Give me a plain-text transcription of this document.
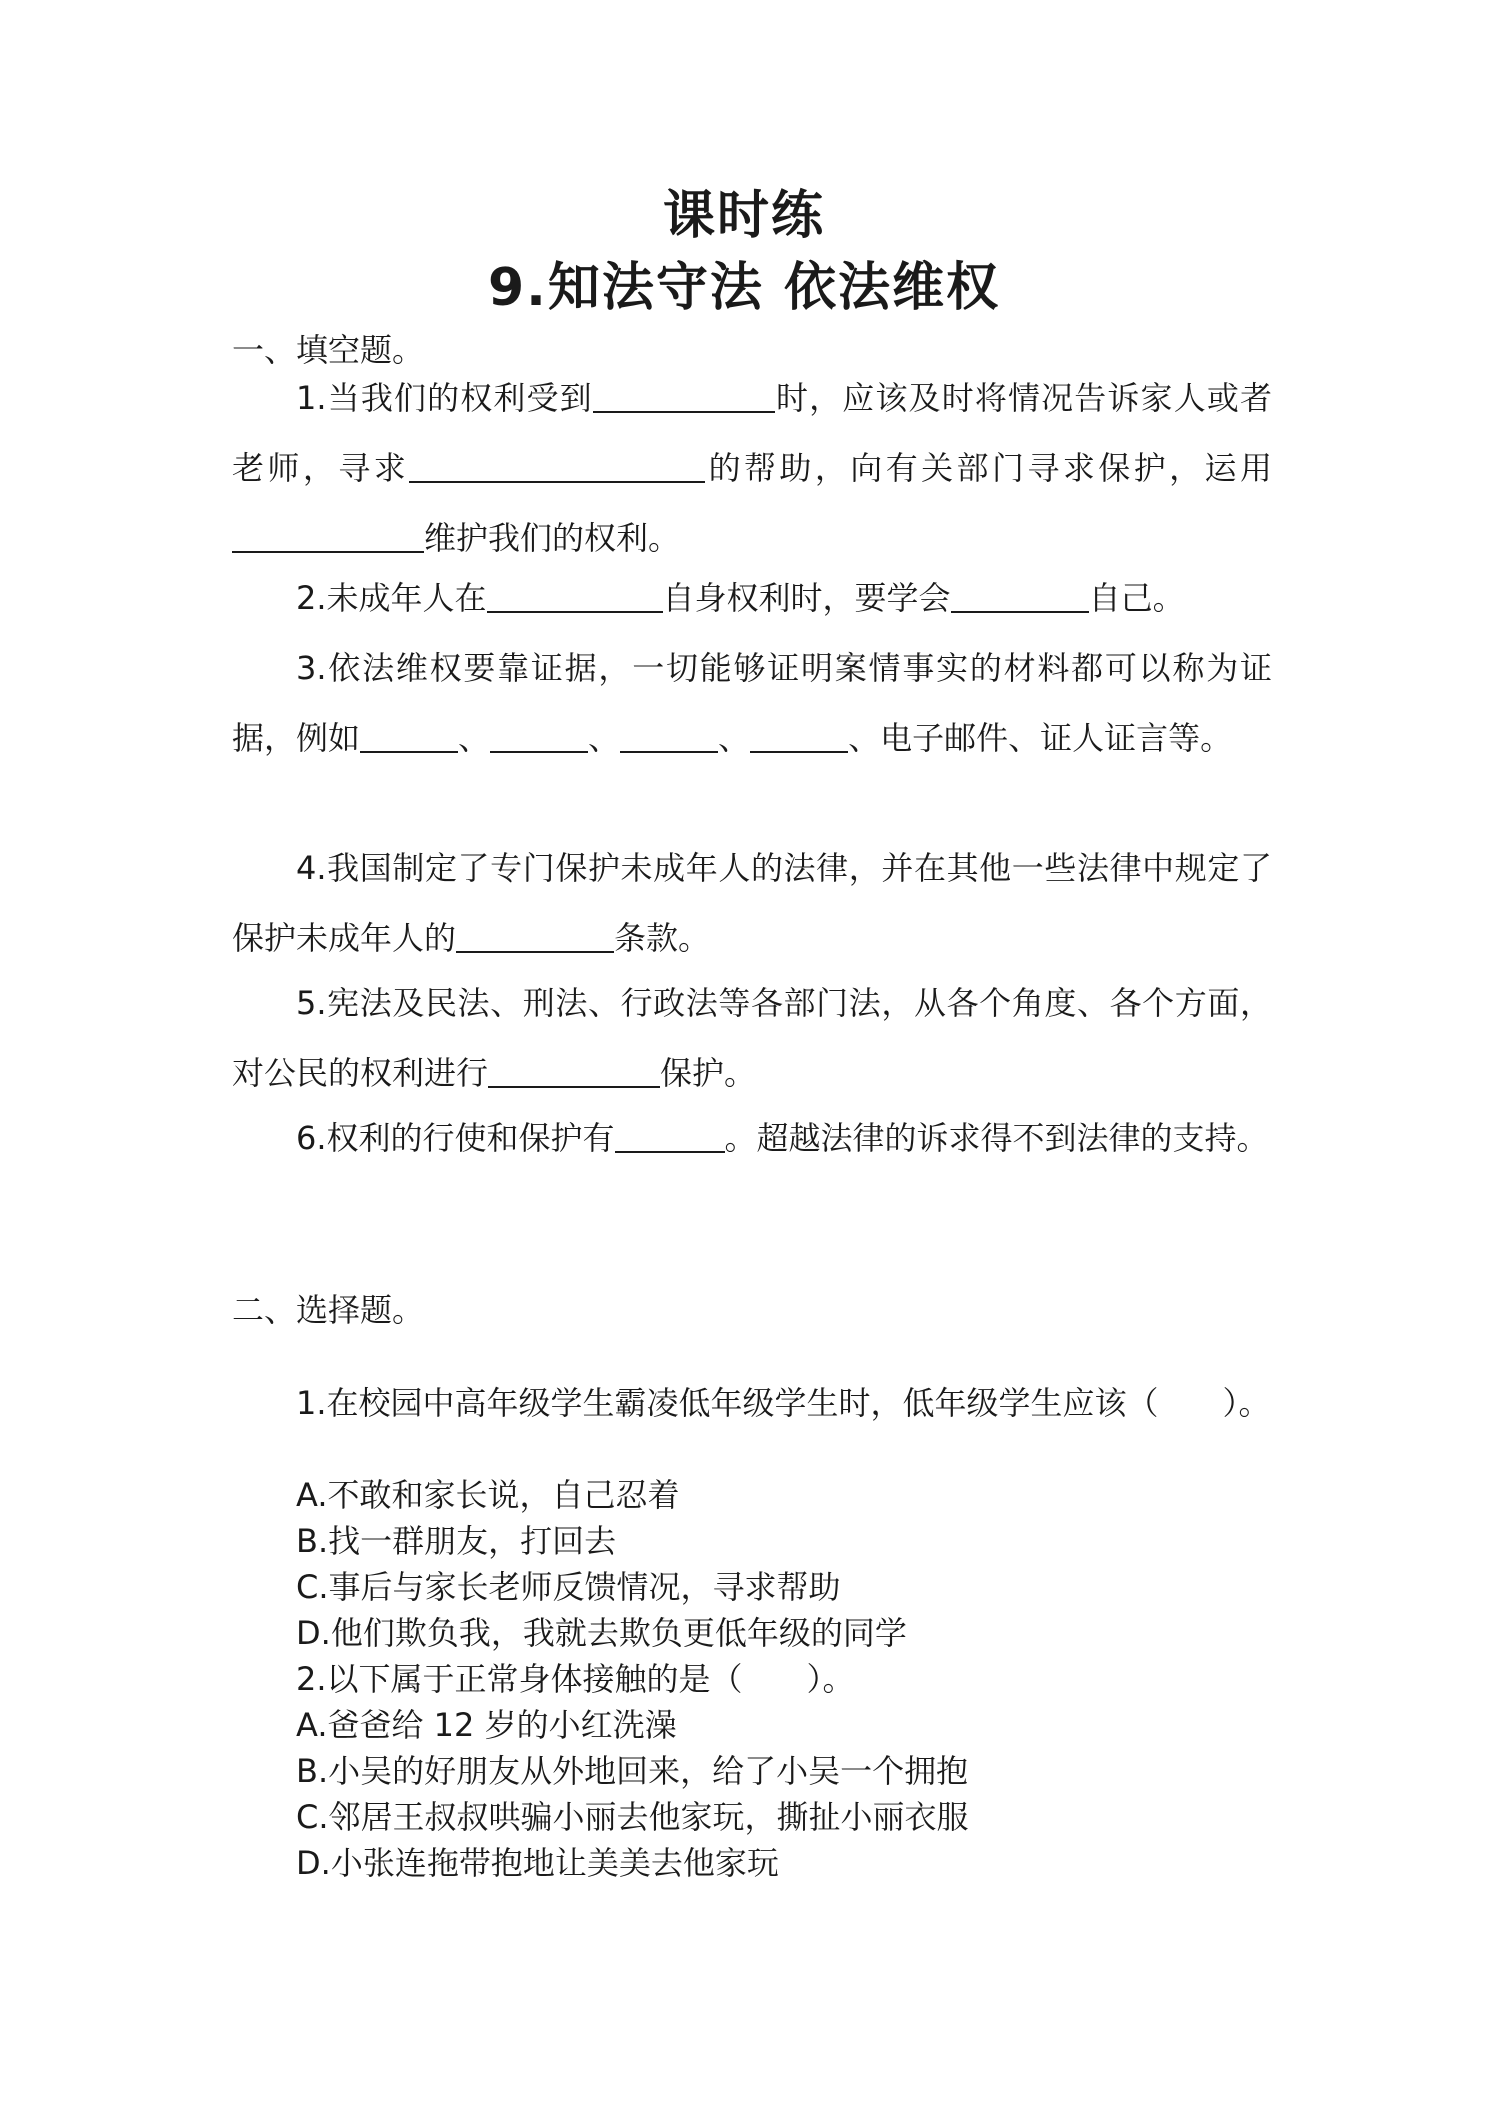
课时练
9.知法守法 依法维权
一、填空题。
1.当我们的权利受到	时，应该及时将情况告诉家人或者老师，寻求	的帮助，向有关部门寻求保护，运用维护我们的权利。
2.未成年人在	自身权利时，要学会	自己。
3.依法维权要靠证据，一切能够证明案情事实的材料都可以称为证据，例如	、	、	、	、电子邮件、证人证言等。
4.我国制定了专门保护未成年人的法律，并在其他一些法律中规定了保护未成年人的	条款。
5.宪法及民法、刑法、行政法等各部门法，从各个角度、各个方面，对公民的权利进行	保护。
6.权利的行使和保护有	。超越法律的诉求得不到法律的支持。
二、选择题。
1.在校园中高年级学生霸凌低年级学生时，低年级学生应该（　　）。
A.不敢和家长说，自己忍着
B.找一群朋友，打回去
C.事后与家长老师反馈情况，寻求帮助
D.他们欺负我，我就去欺负更低年级的同学
2.以下属于正常身体接触的是（　　）。
A.爸爸给 12 岁的小红洗澡
B.小吴的好朋友从外地回来，给了小吴一个拥抱
C.邻居王叔叔哄骗小丽去他家玩，撕扯小丽衣服
D.小张连拖带抱地让美美去他家玩
